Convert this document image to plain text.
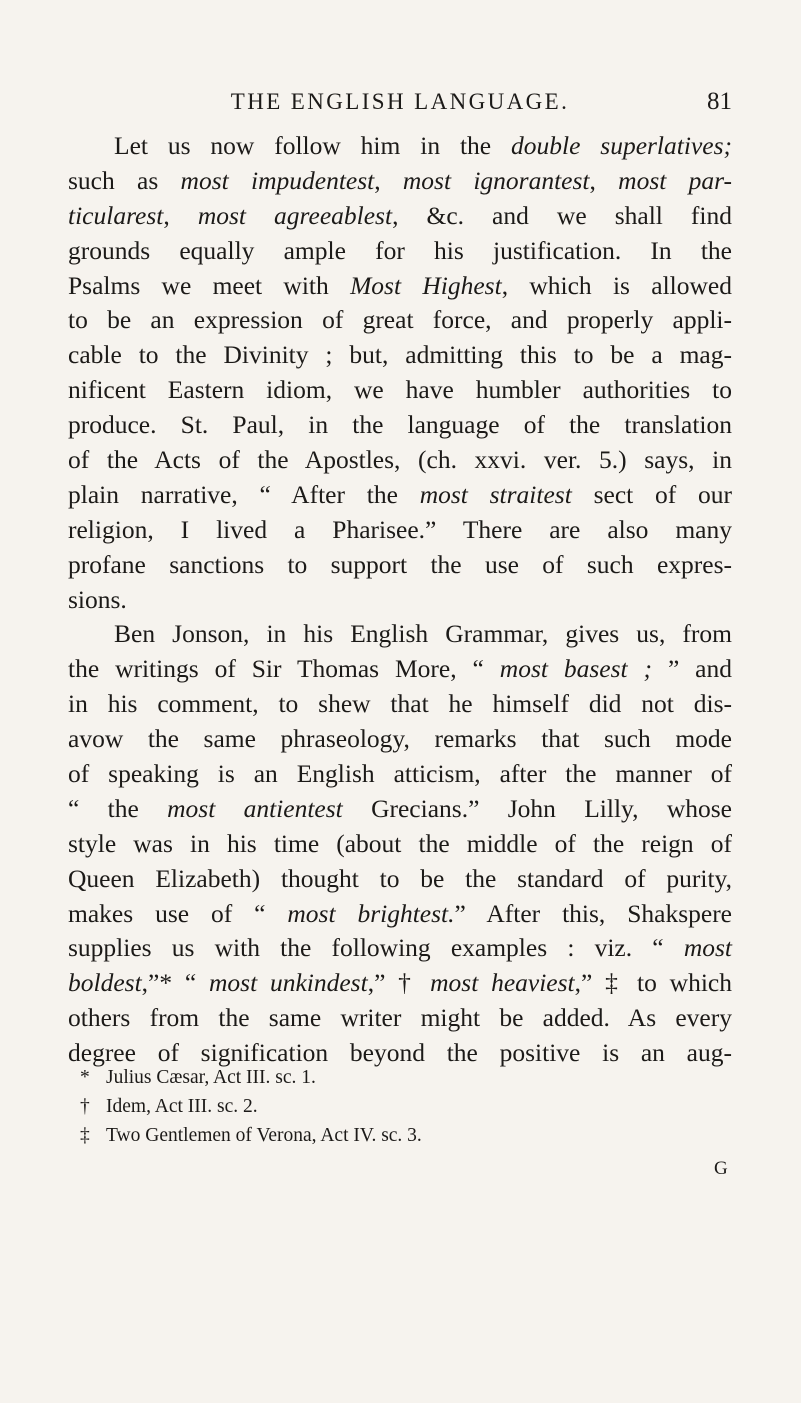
THE ENGLISH LANGUAGE.	81
Let us now follow him in the double superlatives;
such as most impudentest, most ignorantest, most par-
ticularest, most agreeablest, &c. and we shall find
grounds equally ample for his justification. In the
Psalms we meet with Most Highest, which is allowed
to be an expression of great force, and properly appli-
cable to the Divinity ; but, admitting this to be a mag-
nificent Eastern idiom, we have humbler authorities to
produce. St. Paul, in the language of the translation
of the Acts of the Apostles, (ch. xxvi. ver. 5.) says, in
plain narrative, “ After the most straitest sect of our
religion, I lived a Pharisee.” There are also many
profane sanctions to support the use of such expres-
sions.
Ben Jonson, in his English Grammar, gives us, from
the writings of Sir Thomas More, “ most basest ; ” and
in his comment, to shew that he himself did not dis-
avow the same phraseology, remarks that such mode
of speaking is an English atticism, after the manner of
“ the most antientest Grecians.” John Lilly, whose
style was in his time (about the middle of the reign of
Queen Elizabeth) thought to be the standard of purity,
makes use of “ most brightest.” After this, Shakspere
supplies us with the following examples : viz. “ most
boldest,”* “ most unkindest,” † most heaviest,” ‡ to which
others from the same writer might be added. As every
degree of signification beyond the positive is an aug-
* Julius Cæsar, Act III. sc. 1.
† Idem, Act III. sc. 2.
‡ Two Gentlemen of Verona, Act IV. sc. 3.
G
